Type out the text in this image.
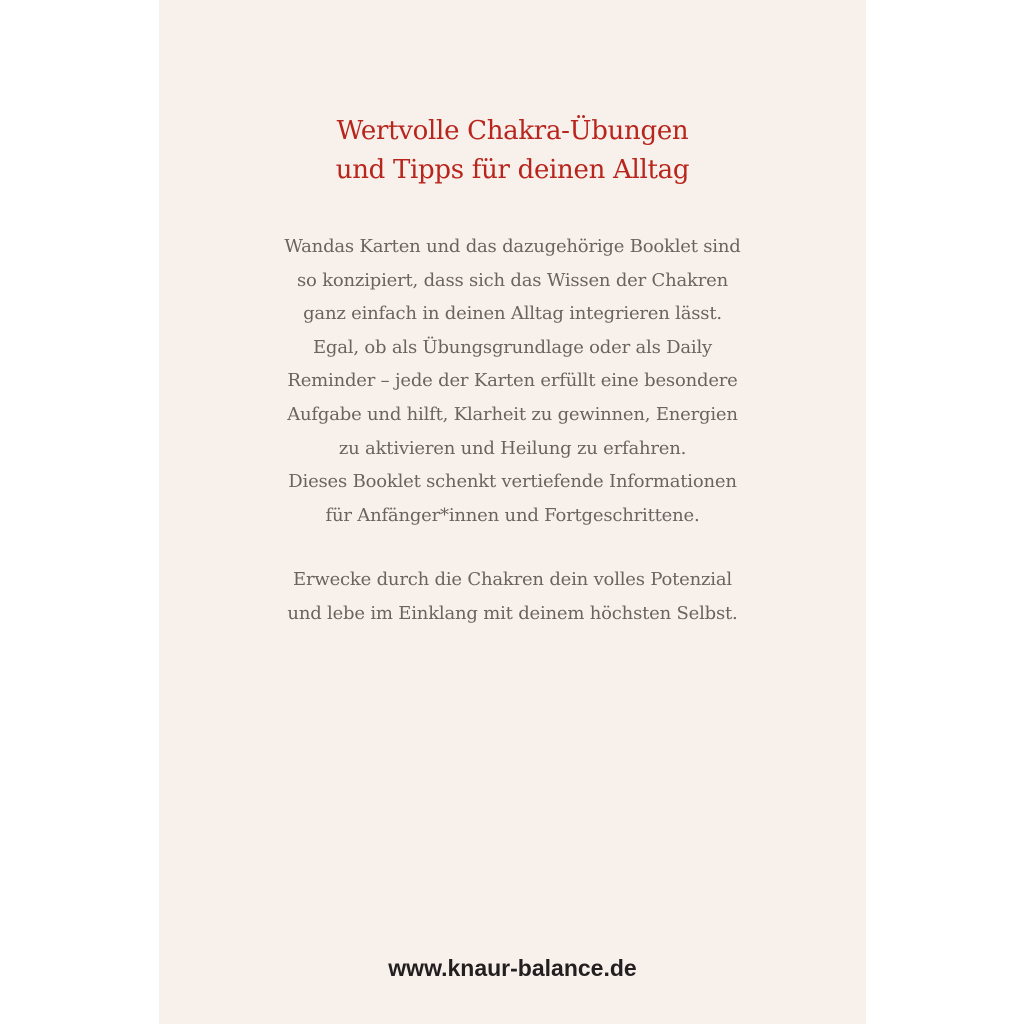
Wertvolle Chakra-Übungen
und Tipps für deinen Alltag
Wandas Karten und das dazugehörige Booklet sind
so konzipiert, dass sich das Wissen der Chakren
ganz einfach in deinen Alltag integrieren lässt.
Egal, ob als Übungsgrundlage oder als Daily
Reminder – jede der Karten erfüllt eine besondere
Aufgabe und hilft, Klarheit zu gewinnen, Energien
zu aktivieren und Heilung zu erfahren.
Dieses Booklet schenkt vertiefende Informationen
für Anfänger*innen und Fortgeschrittene.
Erwecke durch die Chakren dein volles Potenzial
und lebe im Einklang mit deinem höchsten Selbst.
www.knaur-balance.de
